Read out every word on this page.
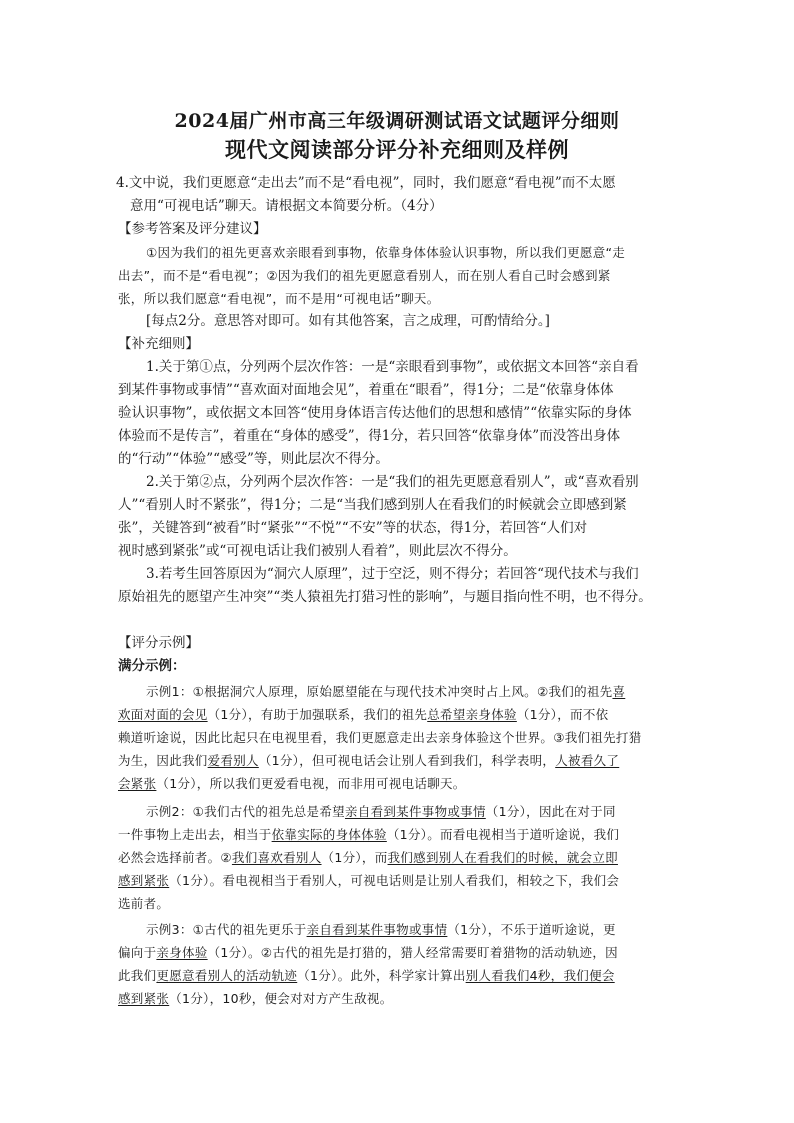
2024届广州市高三年级调研测试语文试题评分细则
现代文阅读部分评分补充细则及样例
4.文中说，我们更愿意“走出去”而不是“看电视”，同时，我们愿意“看电视”而不太愿
意用“可视电话”聊天。请根据文本简要分析。（4分）
【参考答案及评分建议】
①因为我们的祖先更喜欢亲眼看到事物，依靠身体体验认识事物，所以我们更愿意“走
出去”，而不是“看电视”；②因为我们的祖先更愿意看别人，而在别人看自己时会感到紧
张，所以我们愿意“看电视”，而不是用“可视电话”聊天。
[每点2分。意思答对即可。如有其他答案，言之成理，可酌情给分。]
【补充细则】
1.关于第①点，分列两个层次作答：一是“亲眼看到事物”，或依据文本回答“亲自看
到某件事物或事情”“喜欢面对面地会见”，着重在“眼看”，得1分；二是“依靠身体体
验认识事物”，或依据文本回答“使用身体语言传达他们的思想和感情”“依靠实际的身体
体验而不是传言”，着重在“身体的感受”，得1分，若只回答“依靠身体”而没答出身体
的“行动”“体验”“感受”等，则此层次不得分。
2.关于第②点，分列两个层次作答：一是“我们的祖先更愿意看别人”，或“喜欢看别
人”“看别人时不紧张”，得1分；二是“当我们感到别人在看我们的时候就会立即感到紧
张”，关键答到“被看”时“紧张”“不悦”“不安”等的状态，得1分，若回答“人们对
视时感到紧张”或“可视电话让我们被别人看着”，则此层次不得分。
3.若考生回答原因为“洞穴人原理”，过于空泛，则不得分；若回答“现代技术与我们
原始祖先的愿望产生冲突”“类人猿祖先打猎习性的影响”，与题目指向性不明，也不得分。
【评分示例】
满分示例：
示例1：①根据洞穴人原理，原始愿望能在与现代技术冲突时占上风。②我们的祖先喜
欢面对面的会见（1分），有助于加强联系，我们的祖先总希望亲身体验（1分），而不依
赖道听途说，因此比起只在电视里看，我们更愿意走出去亲身体验这个世界。③我们祖先打猎
为生，因此我们爱看别人（1分），但可视电话会让别人看到我们，科学表明，人被看久了
会紧张（1分），所以我们更爱看电视，而非用可视电话聊天。
示例2：①我们古代的祖先总是希望亲自看到某件事物或事情（1分），因此在对于同
一件事物上走出去，相当于依靠实际的身体体验（1分）。而看电视相当于道听途说，我们
必然会选择前者。②我们喜欢看别人（1分），而我们感到别人在看我们的时候，就会立即
感到紧张（1分）。看电视相当于看别人，可视电话则是让别人看我们，相较之下，我们会
选前者。
示例3：①古代的祖先更乐于亲自看到某件事物或事情（1分），不乐于道听途说，更
偏向于亲身体验（1分）。②古代的祖先是打猎的，猎人经常需要盯着猎物的活动轨迹，因
此我们更愿意看别人的活动轨迹（1分）。此外，科学家计算出别人看我们4秒，我们便会
感到紧张（1分），10秒，便会对对方产生敌视。
